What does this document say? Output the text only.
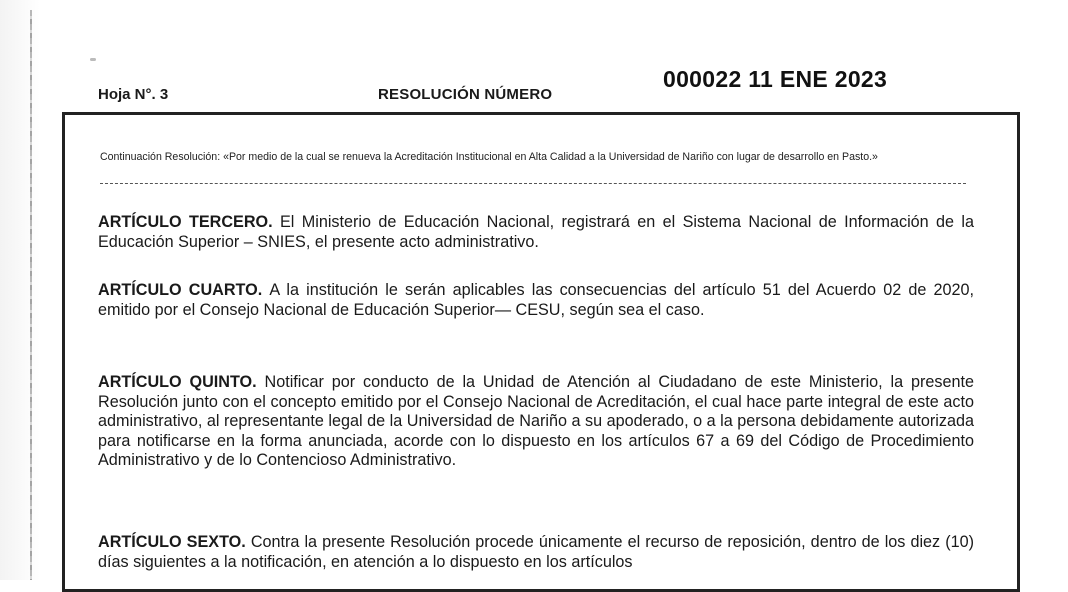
Hoja N°. 3	RESOLUCIÓN NÚMERO
000022 11 ENE 2023
Continuación Resolución: «Por medio de la cual se renueva la Acreditación Institucional en Alta Calidad a la Universidad de Nariño con lugar de desarrollo en Pasto.»
ARTÍCULO TERCERO. El Ministerio de Educación Nacional, registrará en el Sistema Nacional de Información de la Educación Superior – SNIES, el presente acto administrativo.
ARTÍCULO CUARTO. A la institución le serán aplicables las consecuencias del artículo 51 del Acuerdo 02 de 2020, emitido por el Consejo Nacional de Educación Superior— CESU, según sea el caso.
ARTÍCULO QUINTO. Notificar por conducto de la Unidad de Atención al Ciudadano de este Ministerio, la presente Resolución junto con el concepto emitido por el Consejo Nacional de Acreditación, el cual hace parte integral de este acto administrativo, al representante legal de la Universidad de Nariño a su apoderado, o a la persona debidamente autorizada para notificarse en la forma anunciada, acorde con lo dispuesto en los artículos 67 a 69 del Código de Procedimiento Administrativo y de lo Contencioso Administrativo.
ARTÍCULO SEXTO. Contra la presente Resolución procede únicamente el recurso de reposición, dentro de los diez (10) días siguientes a la notificación, en atención a lo dispuesto en los artículos
